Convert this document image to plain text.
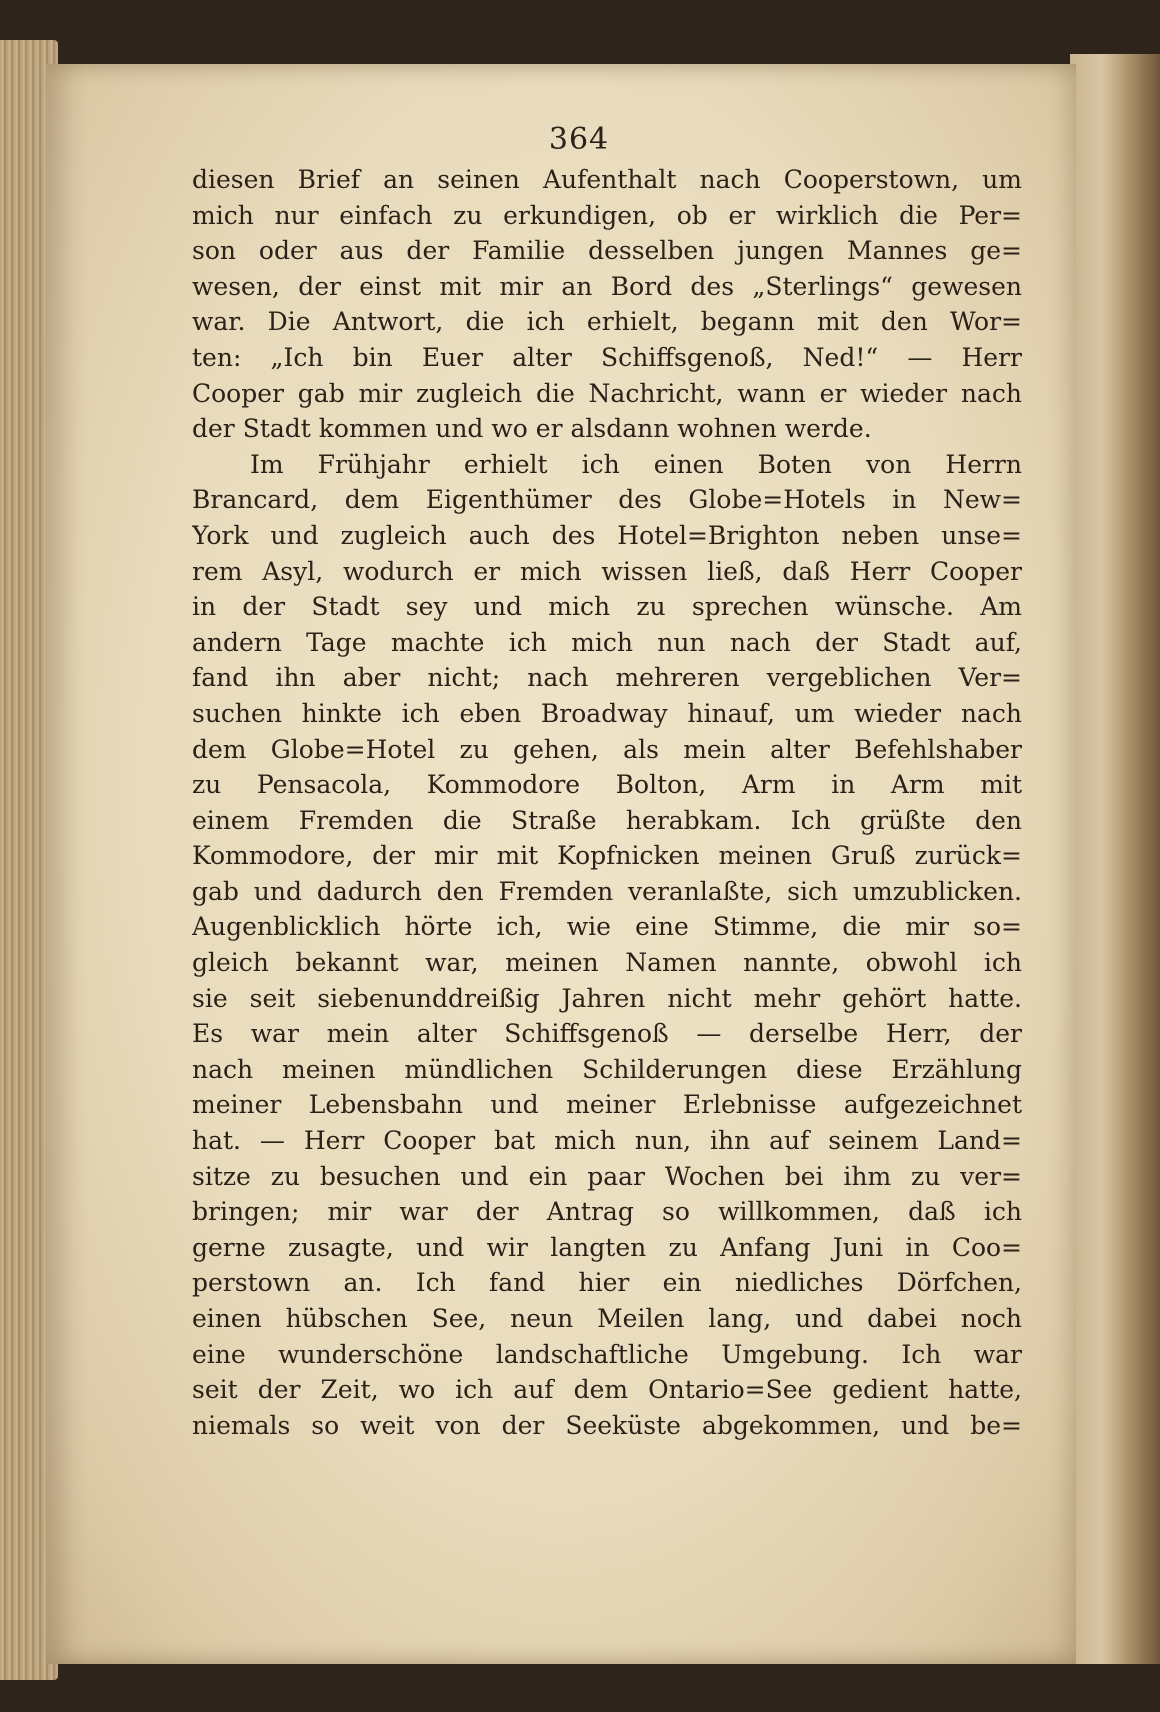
364
diesen Brief an seinen Aufenthalt nach Cooperstown, um
mich nur einfach zu erkundigen, ob er wirklich die Per=
son oder aus der Familie desselben jungen Mannes ge=
wesen, der einst mit mir an Bord des „Sterlings“ gewesen
war. Die Antwort, die ich erhielt, begann mit den Wor=
ten: „Ich bin Euer alter Schiffsgenoß, Ned!“ — Herr
Cooper gab mir zugleich die Nachricht, wann er wieder nach
der Stadt kommen und wo er alsdann wohnen werde.
Im Frühjahr erhielt ich einen Boten von Herrn
Brancard, dem Eigenthümer des Globe=Hotels in New=
York und zugleich auch des Hotel=Brighton neben unse=
rem Asyl, wodurch er mich wissen ließ, daß Herr Cooper
in der Stadt sey und mich zu sprechen wünsche. Am
andern Tage machte ich mich nun nach der Stadt auf,
fand ihn aber nicht; nach mehreren vergeblichen Ver=
suchen hinkte ich eben Broadway hinauf, um wieder nach
dem Globe=Hotel zu gehen, als mein alter Befehlshaber
zu Pensacola, Kommodore Bolton, Arm in Arm mit
einem Fremden die Straße herabkam. Ich grüßte den
Kommodore, der mir mit Kopfnicken meinen Gruß zurück=
gab und dadurch den Fremden veranlaßte, sich umzublicken.
Augenblicklich hörte ich, wie eine Stimme, die mir so=
gleich bekannt war, meinen Namen nannte, obwohl ich
sie seit siebenunddreißig Jahren nicht mehr gehört hatte.
Es war mein alter Schiffsgenoß — derselbe Herr, der
nach meinen mündlichen Schilderungen diese Erzählung
meiner Lebensbahn und meiner Erlebnisse aufgezeichnet
hat. — Herr Cooper bat mich nun, ihn auf seinem Land=
sitze zu besuchen und ein paar Wochen bei ihm zu ver=
bringen; mir war der Antrag so willkommen, daß ich
gerne zusagte, und wir langten zu Anfang Juni in Coo=
perstown an. Ich fand hier ein niedliches Dörfchen,
einen hübschen See, neun Meilen lang, und dabei noch
eine wunderschöne landschaftliche Umgebung. Ich war
seit der Zeit, wo ich auf dem Ontario=See gedient hatte,
niemals so weit von der Seeküste abgekommen, und be=
